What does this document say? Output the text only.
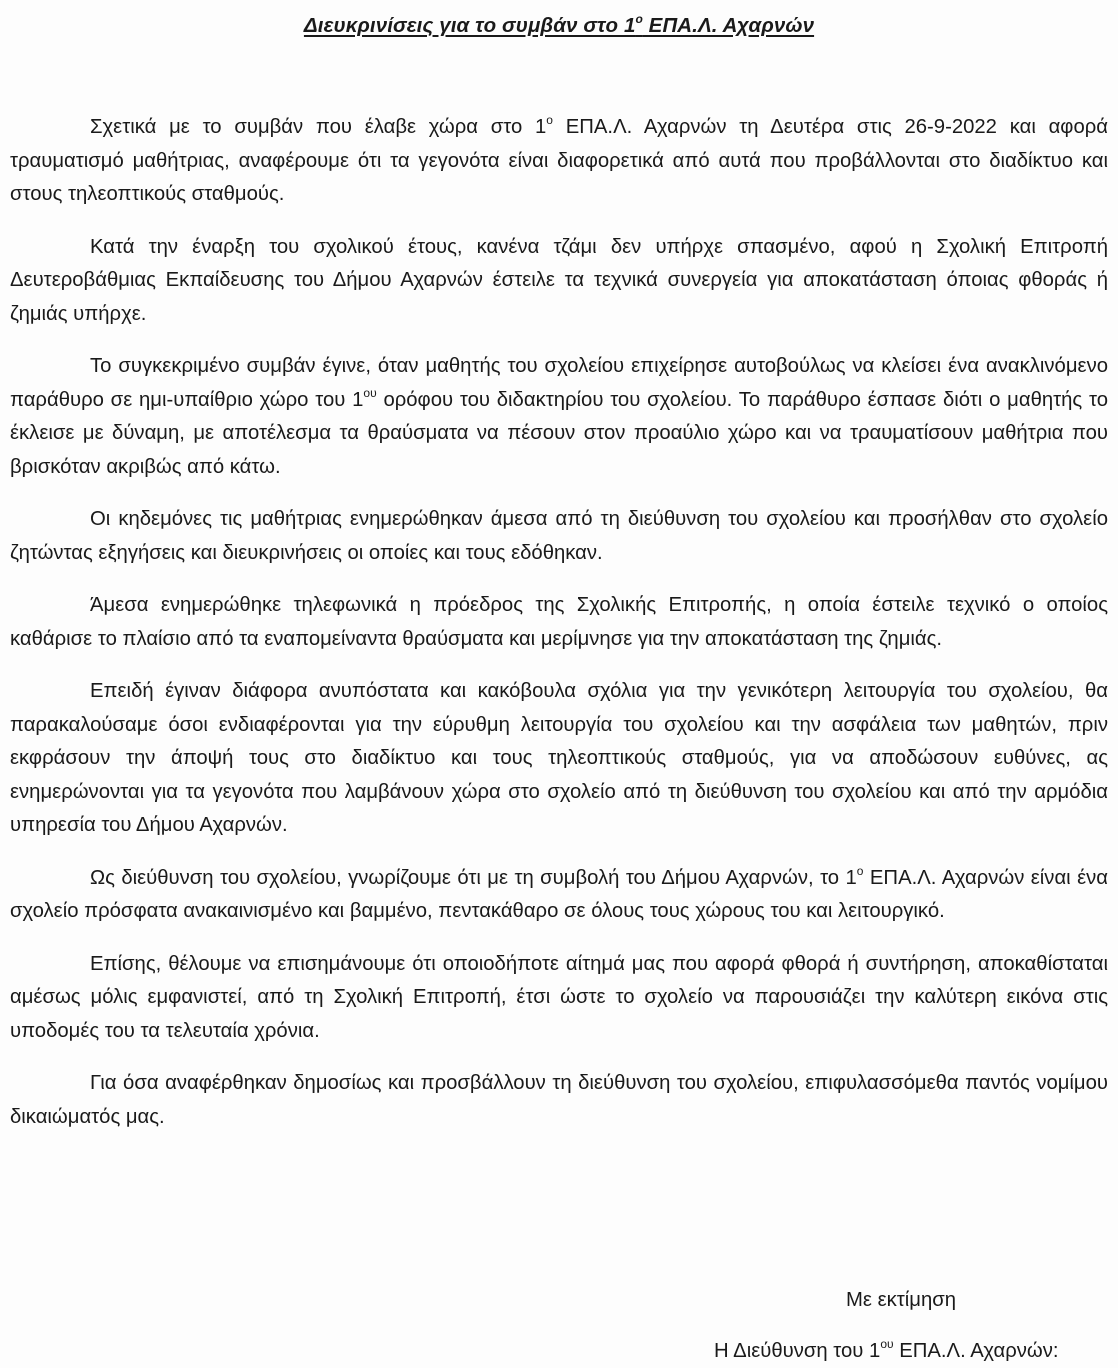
Διευκρινίσεις για το συμβάν στο $1^o$ ΕΠΑ.Λ. Αχαρνών

Σχετικά με το συμβάν που έλαβε χώρα στο $1^o$ ΕΠΑ.Λ. Αχαρνών τη Δευτέρα στις 26-9-2022 και αφορά τραυματισμό μαθήτριας, αναφέρουμε ότι τα γεγονότα είναι διαφορετικά από αυτά που προβάλλονται στο διαδίκτυο και στους τηλεοπτικούς σταθμούς.

Κατά την έναρξη του σχολικού έτους, κανένα τζάμι δεν υπήρχε σπασμένο, αφού η Σχολική Επιτροπή Δευτεροβάθμιας Εκπαίδευσης του Δήμου Αχαρνών έστειλε τα τεχνικά συνεργεία για αποκατάσταση όποιας φθοράς ή ζημιάς υπήρχε.

Το συγκεκριμένο συμβάν έγινε, όταν μαθητής του σχολείου επιχείρησε αυτοβούλως να κλείσει ένα ανακλινόμενο παράθυρο σε ημι-υπαίθριο χώρο του $1^{o\upsilon}$ ορόφου του διδακτηρίου του σχολείου. Το παράθυρο έσπασε διότι ο μαθητής το έκλεισε με δύναμη, με αποτέλεσμα τα θραύσματα να πέσουν στον προαύλιο χώρο και να τραυματίσουν μαθήτρια που βρισκόταν ακριβώς από κάτω.

Οι κηδεμόνες τις μαθήτριας ενημερώθηκαν άμεσα από τη διεύθυνση του σχολείου και προσήλθαν στο σχολείο ζητώντας εξηγήσεις και διευκρινήσεις οι οποίες και τους εδόθηκαν.

Άμεσα ενημερώθηκε τηλεφωνικά η πρόεδρος της Σχολικής Επιτροπής, η οποία έστειλε τεχνικό ο οποίος καθάρισε το πλαίσιο από τα εναπομείναντα θραύσματα και μερίμνησε για την αποκατάσταση της ζημιάς.

Επειδή έγιναν διάφορα ανυπόστατα και κακόβουλα σχόλια για την γενικότερη λειτουργία του σχολείου, θα παρακαλούσαμε όσοι ενδιαφέρονται για την εύρυθμη λειτουργία του σχολείου και την ασφάλεια των μαθητών, πριν εκφράσουν την άποψή τους στο διαδίκτυο και τους τηλεοπτικούς σταθμούς, για να αποδώσουν ευθύνες, ας ενημερώνονται για τα γεγονότα που λαμβάνουν χώρα στο σχολείο από τη διεύθυνση του σχολείου και από την αρμόδια υπηρεσία του Δήμου Αχαρνών.

Ως διεύθυνση του σχολείου, γνωρίζουμε ότι με τη συμβολή του Δήμου Αχαρνών, το $1^o$ ΕΠΑ.Λ. Αχαρνών είναι ένα σχολείο πρόσφατα ανακαινισμένο και βαμμένο, πεντακάθαρο σε όλους τους χώρους του και λειτουργικό.

Επίσης, θέλουμε να επισημάνουμε ότι οποιοδήποτε αίτημά μας που αφορά φθορά ή συντήρηση, αποκαθίσταται αμέσως μόλις εμφανιστεί, από τη Σχολική Επιτροπή, έτσι ώστε το σχολείο να παρουσιάζει την καλύτερη εικόνα στις υποδομές του τα τελευταία χρόνια.

Για όσα αναφέρθηκαν δημοσίως και προσβάλλουν τη διεύθυνση του σχολείου, επιφυλασσόμεθα παντός νομίμου δικαιώματός μας.

Με εκτίμηση
Η Διεύθυνση του $1^{o\upsilon}$ ΕΠΑ.Λ. Αχαρνών:
